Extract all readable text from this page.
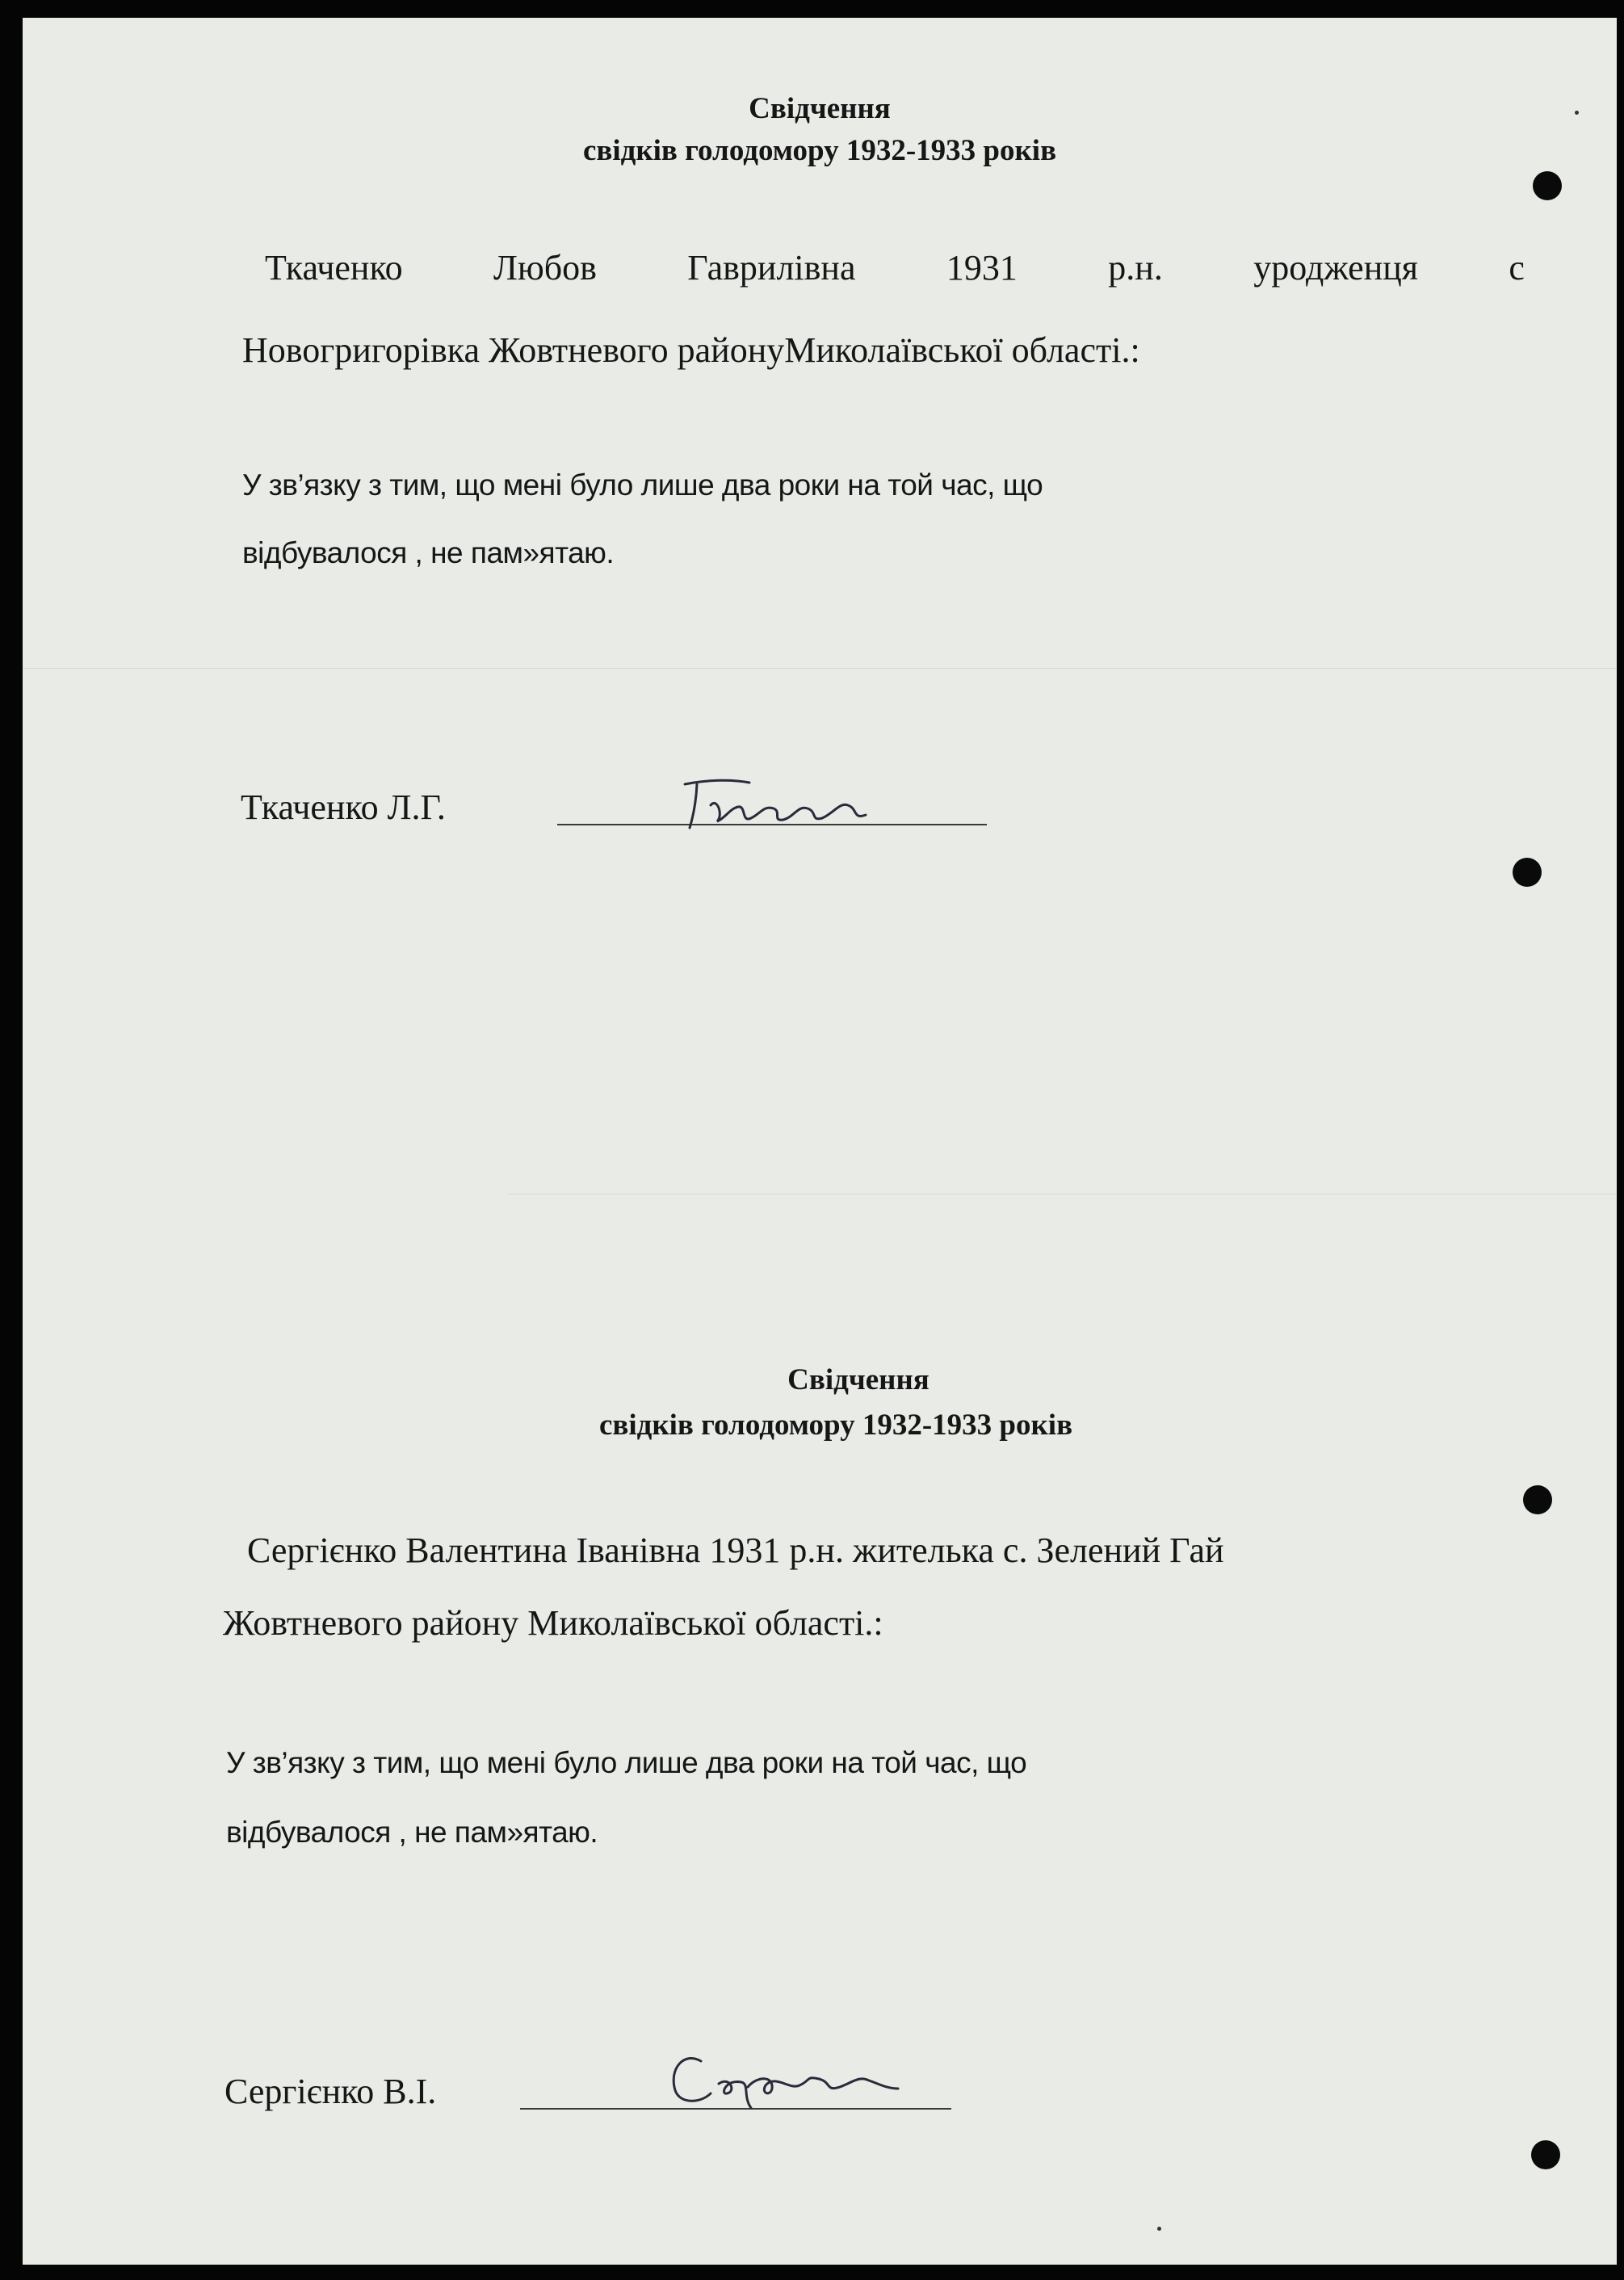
Свідчення
свідків голодомору 1932-1933 років
Ткаченко	Любов	Гаврилівна	1931	р.н.	уродженця	с
Новогригорівка Жовтневого районуМиколаївської області.:
У зв’язку з тим, що мені було лише два роки на той час, що
відбувалося , не пам»ятаю.
Ткаченко Л.Г.
Свідчення
свідків голодомору 1932-1933 років
Сергієнко Валентина Іванівна 1931 р.н. жителька с. Зелений Гай
Жовтневого району Миколаївської області.:
У зв’язку з тим, що мені було лише два роки на той час, що
відбувалося , не пам»ятаю.
Сергієнко В.І.
